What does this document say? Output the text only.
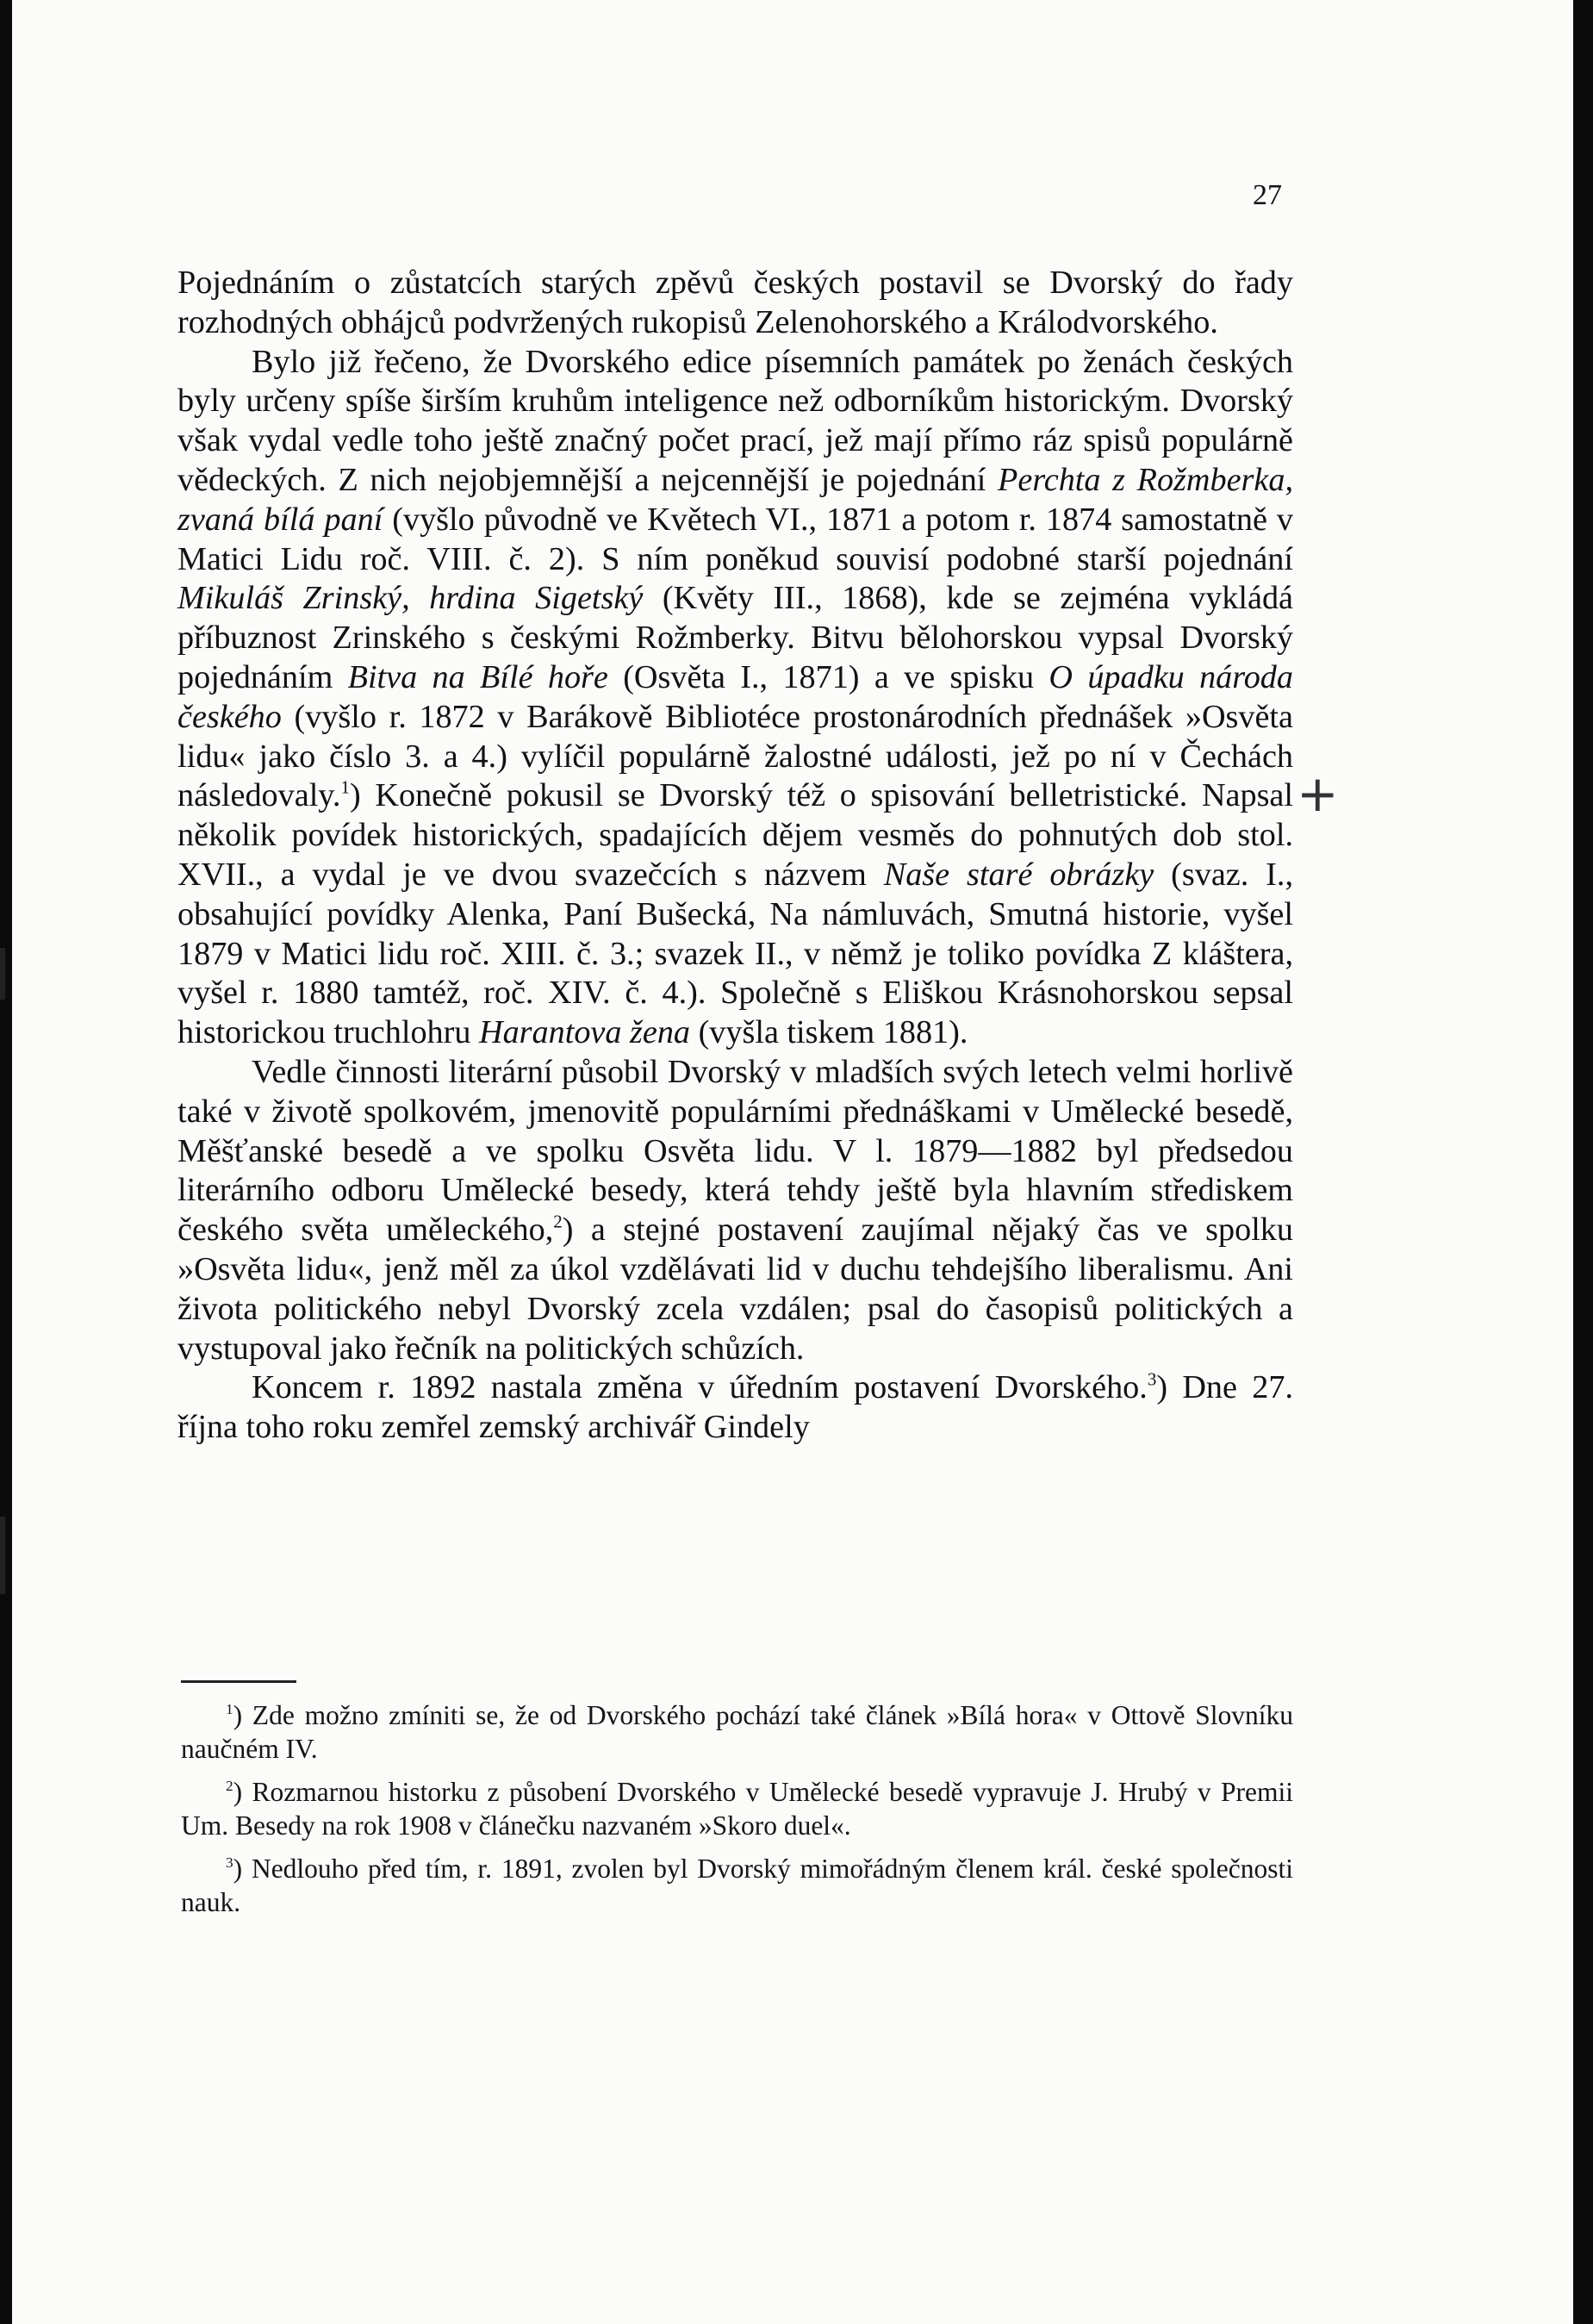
27

Pojednáním o zůstatcích starých zpěvů českých postavil se Dvorský do řady rozhodných obhájců podvržených rukopisů Zelenohorského a Králodvorského.

Bylo již řečeno, že Dvorského edice písemních památek po ženách českých byly určeny spíše širším kruhům inteligence než odborníkům historickým. Dvorský však vydal vedle toho ještě značný počet prací, jež mají přímo ráz spisů populárně vědeckých. Z nich nejobjemnější a nejcennější je pojednání Perchta z Rožmberka, zvaná bílá paní (vyšlo původně ve Květech VI., 1871 a potom r. 1874 samostatně v Matici Lidu roč. VIII. č. 2). S ním poněkud souvisí podobné starší pojednání Mikuláš Zrinský, hrdina Sigetský (Květy III., 1868), kde se zejména vykládá příbuznost Zrinského s českými Rožmberky. Bitvu bělohorskou vypsal Dvorský pojednáním Bitva na Bílé hoře (Osvěta I., 1871) a ve spisku O úpadku národa českého (vyšlo r. 1872 v Barákově Bibliotéce prostonárodních přednášek »Osvěta lidu« jako číslo 3. a 4.) vylíčil populárně žalostné události, jež po ní v Čechách následovaly.$^1$) Konečně pokusil se Dvorský též o spisování belletristické. Napsal několik povídek historických, spadajících dějem vesměs do pohnutých dob stol. XVII., a vydal je ve dvou svazečcích s názvem Naše staré obrázky (svaz. I., obsahující povídky Alenka, Paní Bušecká, Na námluvách, Smutná historie, vyšel 1879 v Matici lidu roč. XIII. č. 3.; svazek II., v němž je toliko povídka Z kláštera, vyšel r. 1880 tamtéž, roč. XIV. č. 4.). Společně s Eliškou Krásnohorskou sepsal historickou truchlohru Harantova žena (vyšla tiskem 1881).

Vedle činnosti literární působil Dvorský v mladších svých letech velmi horlivě také v životě spolkovém, jmenovitě populárními přednáškami v Umělecké besedě, Měšťanské besedě a ve spolku Osvěta lidu. V l. 1879—1882 byl předsedou literárního odboru Umělecké besedy, která tehdy ještě byla hlavním střediskem českého světa uměleckého,$^2$) a stejné postavení zaujímal nějaký čas ve spolku »Osvěta lidu«, jenž měl za úkol vzdělávati lid v duchu tehdejšího liberalismu. Ani života politického nebyl Dvorský zcela vzdálen; psal do časopisů politických a vystupoval jako řečník na politických schůzích.

Koncem r. 1892 nastala změna v úředním postavení Dvorského.$^3$) Dne 27. října toho roku zemřel zemský archivář Gindely

+

$^1$) Zde možno zmíniti se, že od Dvorského pochází také článek »Bílá hora« v Ottově Slovníku naučném IV.

$^2$) Rozmarnou historku z působení Dvorského v Umělecké besedě vypravuje J. Hrubý v Premii Um. Besedy na rok 1908 v článečku nazvaném »Skoro duel«.

$^3$) Nedlouho před tím, r. 1891, zvolen byl Dvorský mimořádným členem král. české společnosti nauk.
